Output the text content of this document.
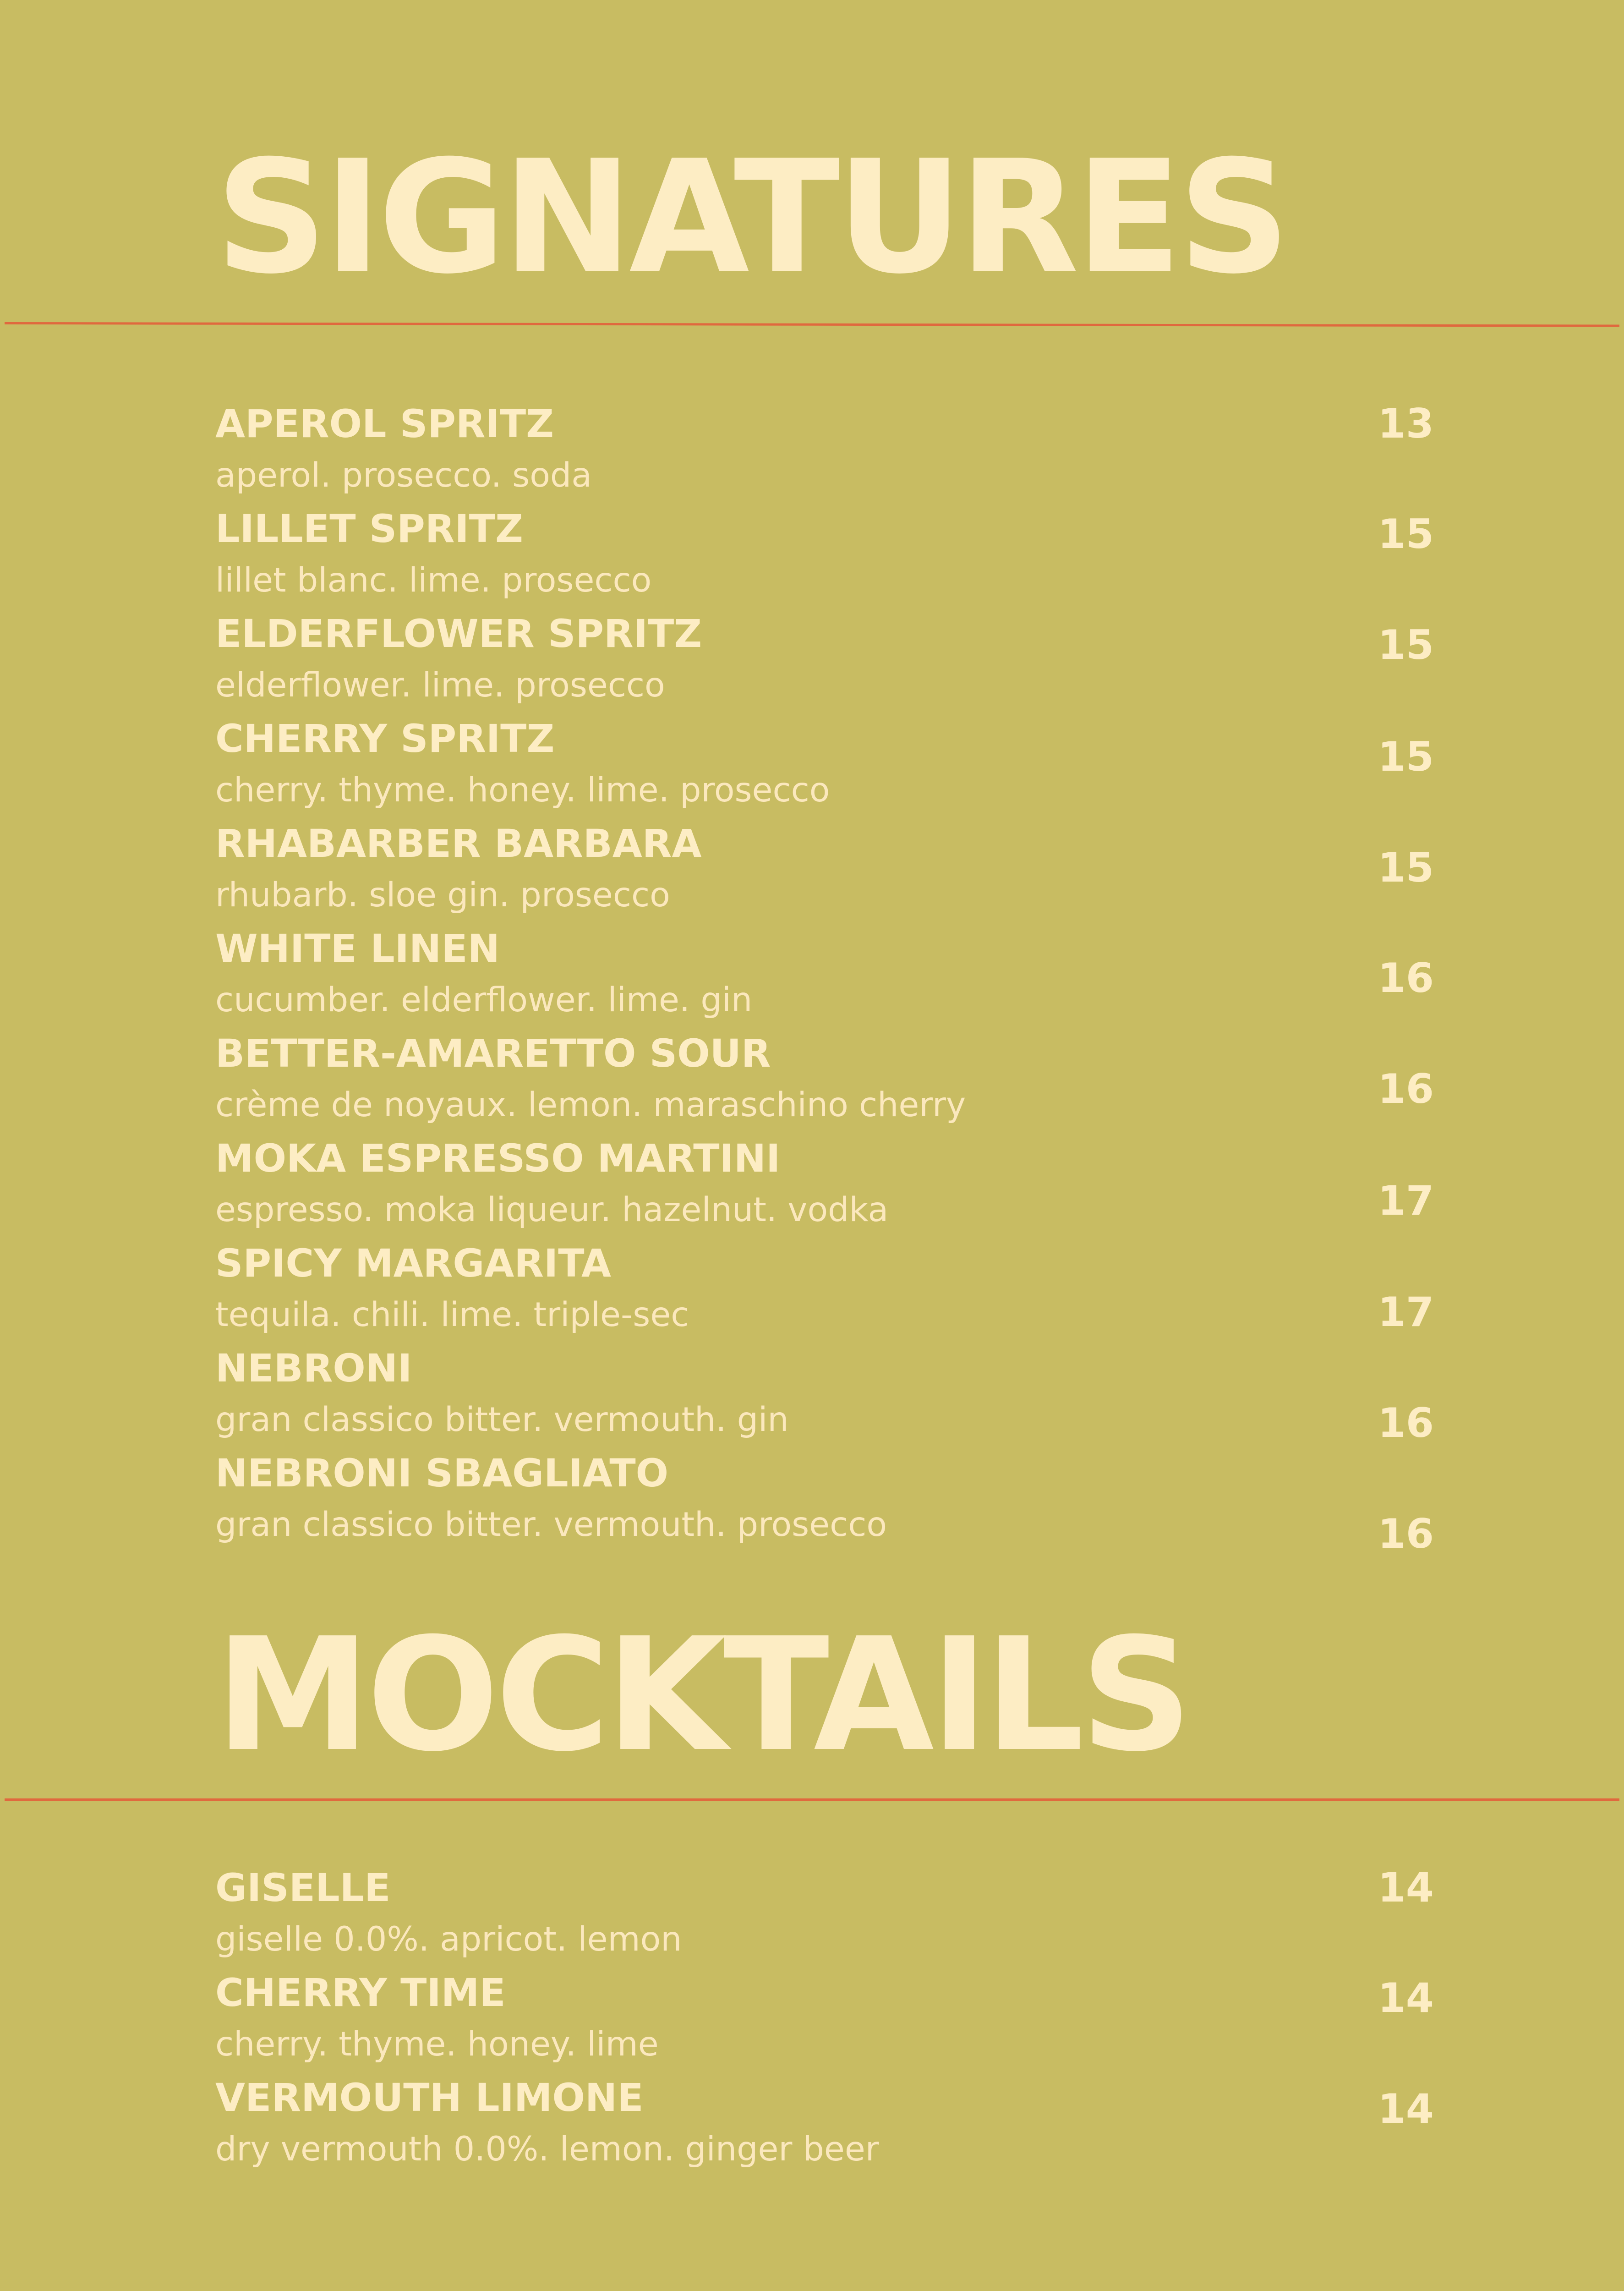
SIGNATURES
APEROL SPRITZ
aperol. prosecco. soda
13
LILLET SPRITZ
lillet blanc. lime. prosecco
15
ELDERFLOWER SPRITZ
elderflower. lime. prosecco
15
CHERRY SPRITZ
cherry. thyme. honey. lime. prosecco
15
RHABARBER BARBARA
rhubarb. sloe gin. prosecco
15
WHITE LINEN
cucumber. elderflower. lime. gin	16
BETTER-AMARETTO SOUR
crème de noyaux. lemon. maraschino cherry	16
MOKA ESPRESSO MARTINI
espresso. moka liqueur. hazelnut. vodka	17
SPICY MARGARITA
tequila. chili. lime. triple-sec	17
NEBRONI
gran classico bitter. vermouth. gin	16
NEBRONI SBAGLIATO
gran classico bitter. vermouth. prosecco	16
MOCKTAILS
GISELLE
giselle 0.0%. apricot. lemon
14
CHERRY TIME
cherry. thyme. honey. lime
14
VERMOUTH LIMONE
dry vermouth 0.0%. lemon. ginger beer
14
